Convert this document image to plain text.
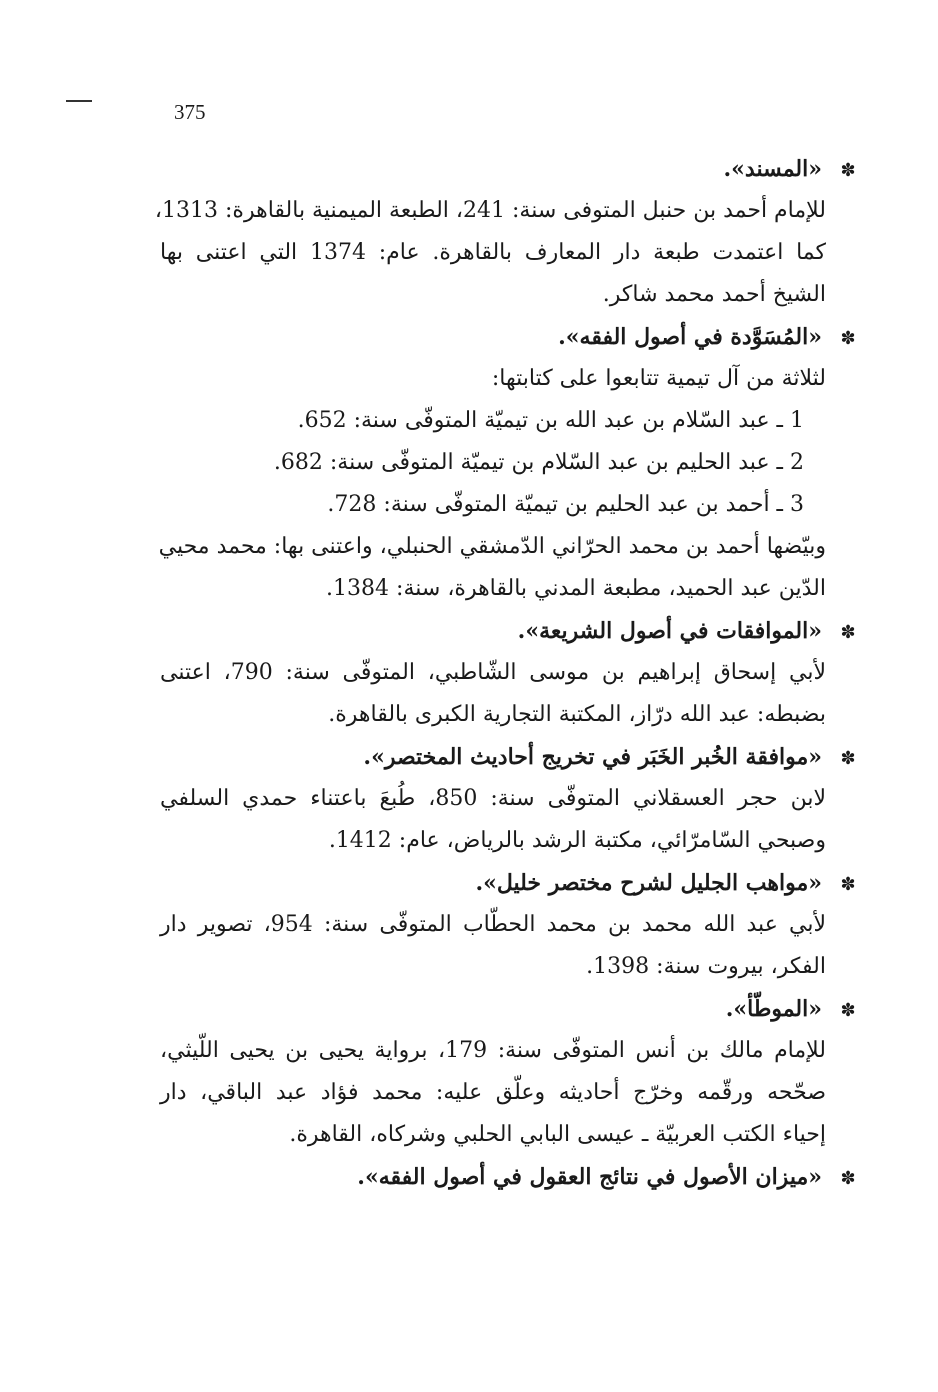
375
✽«المسند».
للإمام أحمد بن حنبل المتوفى سنة: 241، الطبعة الميمنية بالقاهرة: 1313،
كما اعتمدت طبعة دار المعارف بالقاهرة. عام: 1374 التي اعتنى بها
الشيخ أحمد محمد شاكر.
✽«المُسَوَّدة في أصول الفقه».
لثلاثة من آل تيمية تتابعوا على كتابتها:
1 ـ عبد السّلام بن عبد الله بن تيميّة المتوفّى سنة: 652.
2 ـ عبد الحليم بن عبد السّلام بن تيميّة المتوفّى سنة: 682.
3 ـ أحمد بن عبد الحليم بن تيميّة المتوفّى سنة: 728.
وبيّضها أحمد بن محمد الحرّاني الدّمشقي الحنبلي، واعتنى بها: محمد محيي
الدّين عبد الحميد، مطبعة المدني بالقاهرة، سنة: 1384.
✽«الموافقات في أصول الشريعة».
لأبي إسحاق إبراهيم بن موسى الشّاطبي، المتوفّى سنة: 790، اعتنى
بضبطه: عبد الله درّاز، المكتبة التجارية الكبرى بالقاهرة.
✽«موافقة الخُبر الخَبَر في تخريج أحاديث المختصر».
لابن حجر العسقلاني المتوفّى سنة: 850، طُبعَ باعتناء حمدي السلفي
وصبحي السّامرّائي، مكتبة الرشد بالرياض، عام: 1412.
✽«مواهب الجليل لشرح مختصر خليل».
لأبي عبد الله محمد بن محمد الحطّاب المتوفّى سنة: 954، تصوير دار
الفكر، بيروت سنة: 1398.
✽«الموطّأ».
للإمام مالك بن أنس المتوفّى سنة: 179، برواية يحيى بن يحيى اللّيثي،
صحّحه ورقّمه وخرّج أحاديثه وعلّق عليه: محمد فؤاد عبد الباقي، دار
إحياء الكتب العربيّة ـ عيسى البابي الحلبي وشركاه، القاهرة.
✽«ميزان الأصول في نتائج العقول في أصول الفقه».
